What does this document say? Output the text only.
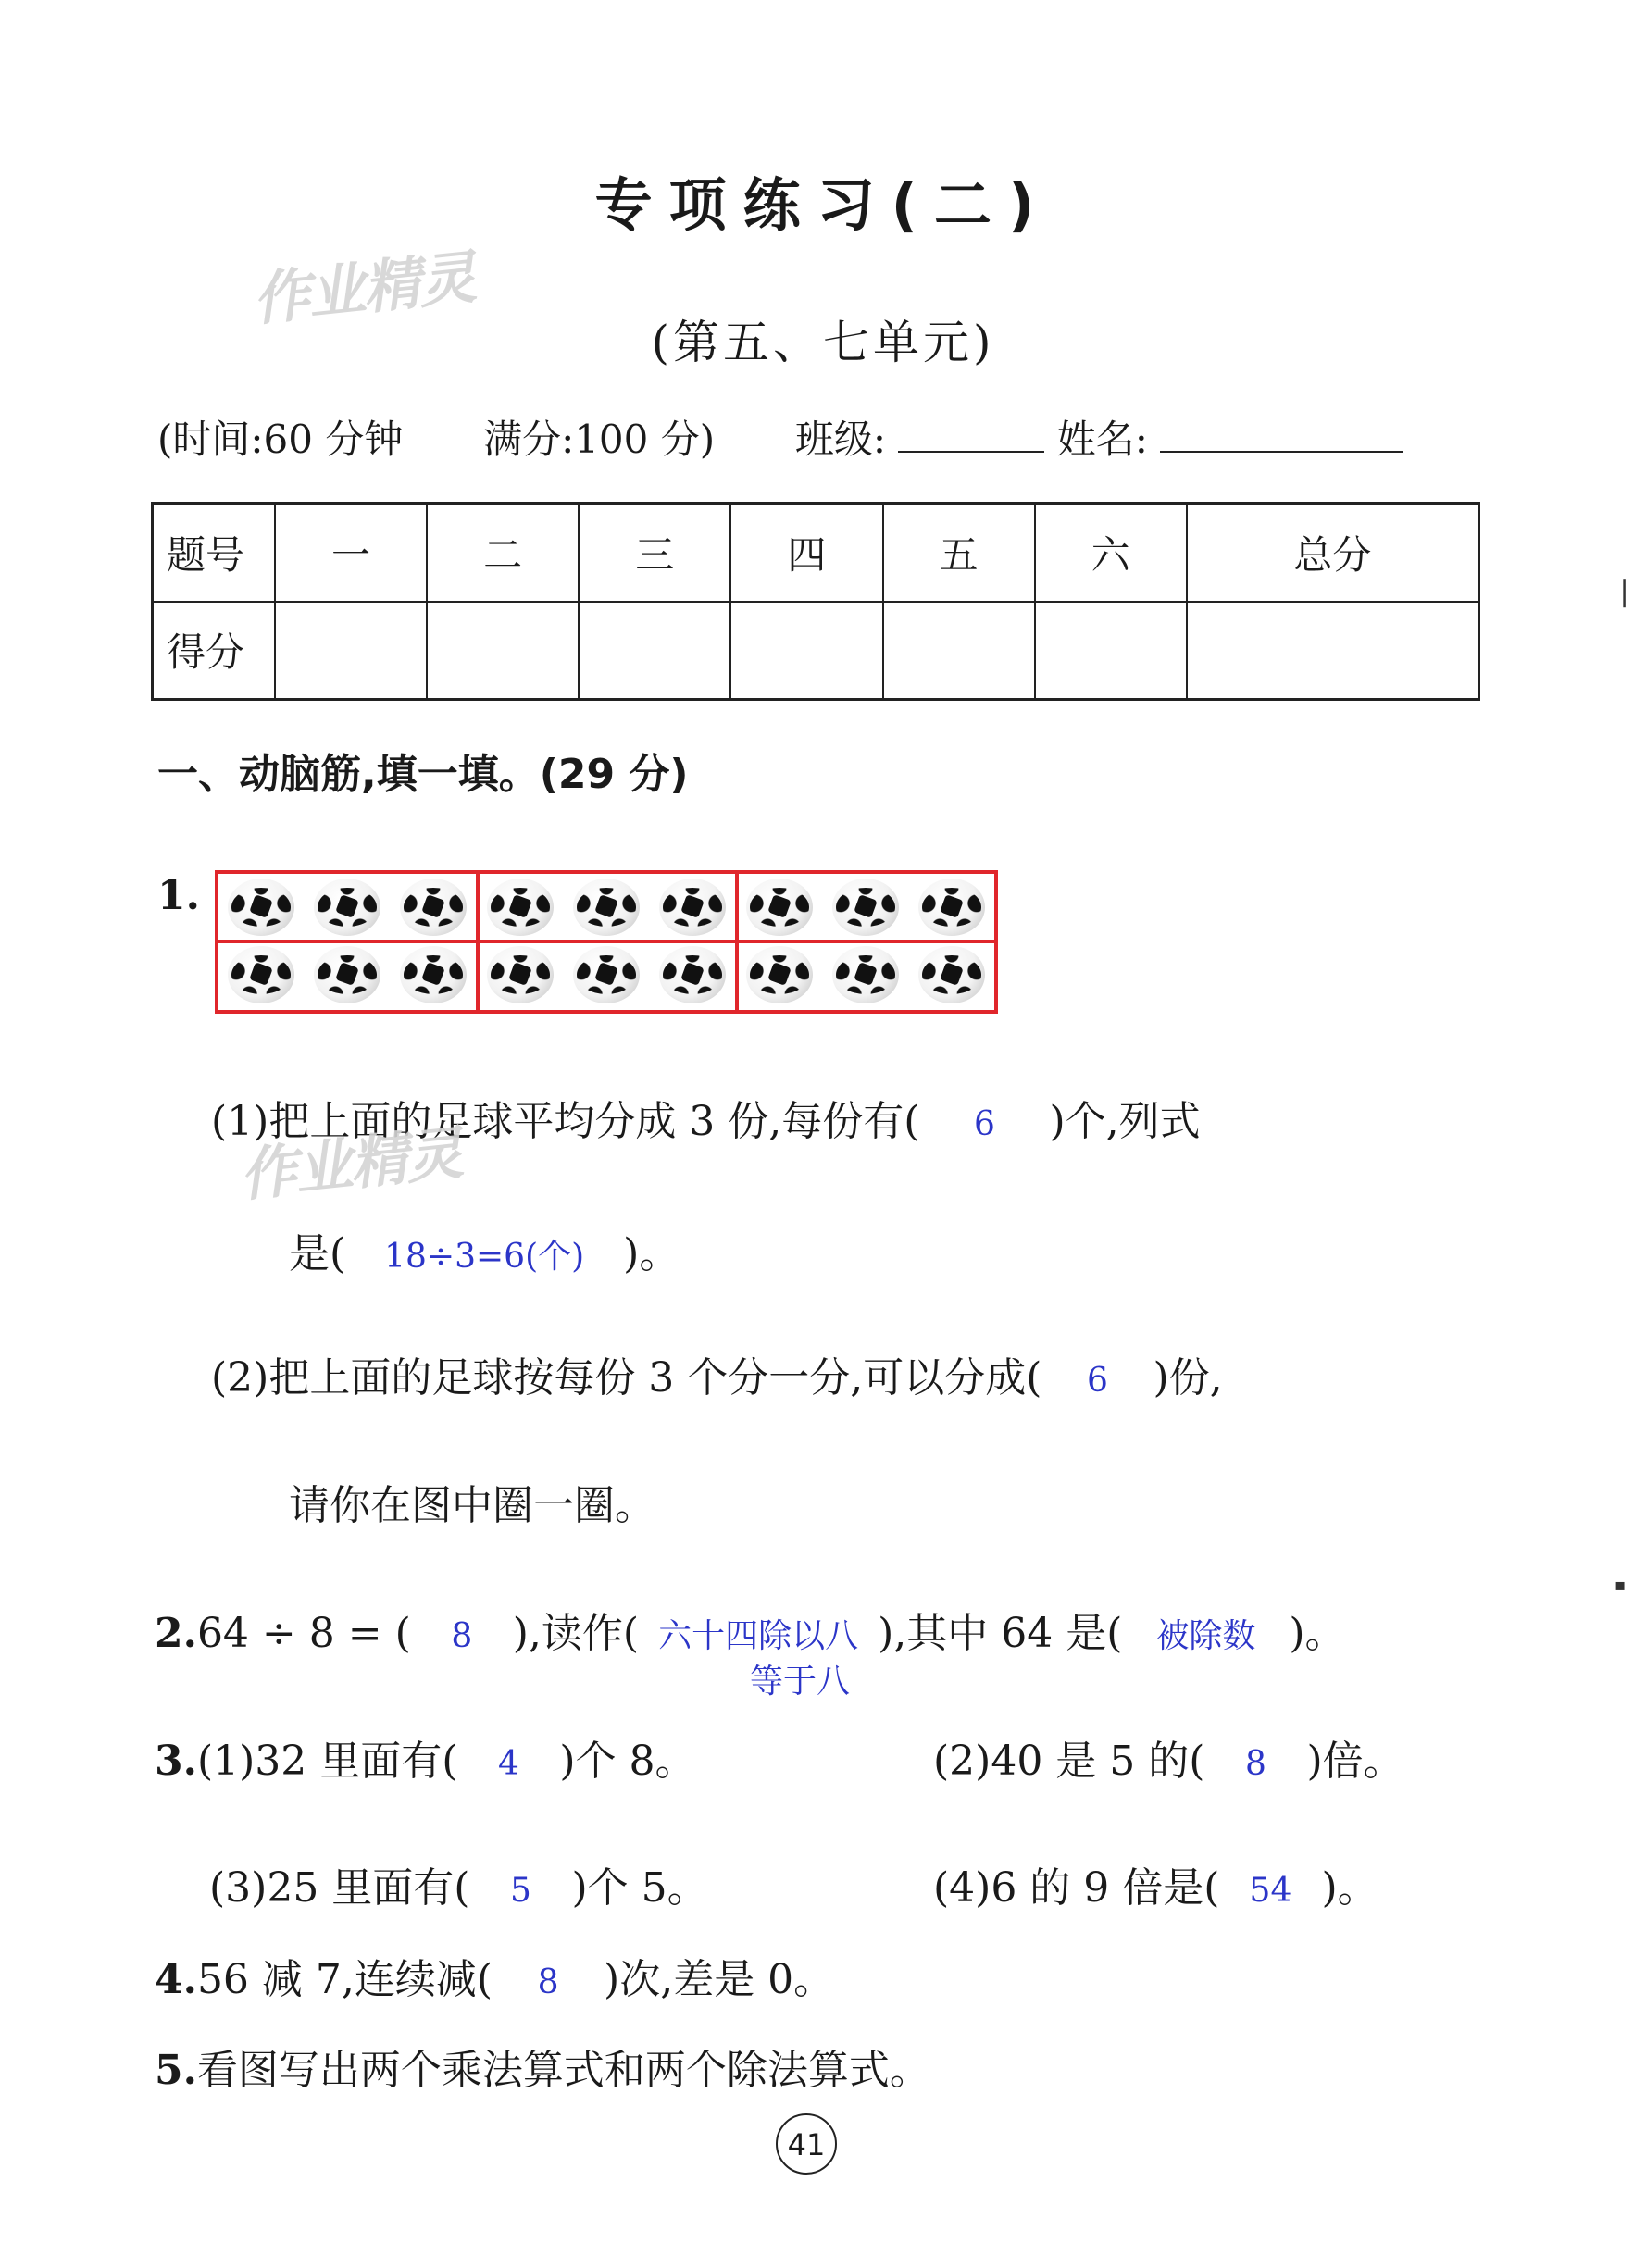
专项练习(二)
作业精灵
(第五、七单元)
(时间:60 分钟 满分:100 分) 班级:	姓名:
题号	一	二	三	四	五	六	总分
得分							
一、动脑筋,填一填。(29 分)
1.
(1)把上面的足球平均分成 3 份,每份有( 6 )个,列式
作业精灵
是( 18÷3=6(个) )。
(2)把上面的足球按每份 3 个分一分,可以分成( 6 )份,
请你在图中圈一圈。
2.64 ÷ 8 = ( 8 ),读作( 六十四除以八 ),其中 64 是( 被除数 )。
等于八
3.(1)32 里面有( 4 )个 8。	(2)40 是 5 的( 8 )倍。
(3)25 里面有( 5 )个 5。	(4)6 的 9 倍是( 54 )。
4.56 减 7,连续减( 8 )次,差是 0。
5.看图写出两个乘法算式和两个除法算式。
41
❘
▪
